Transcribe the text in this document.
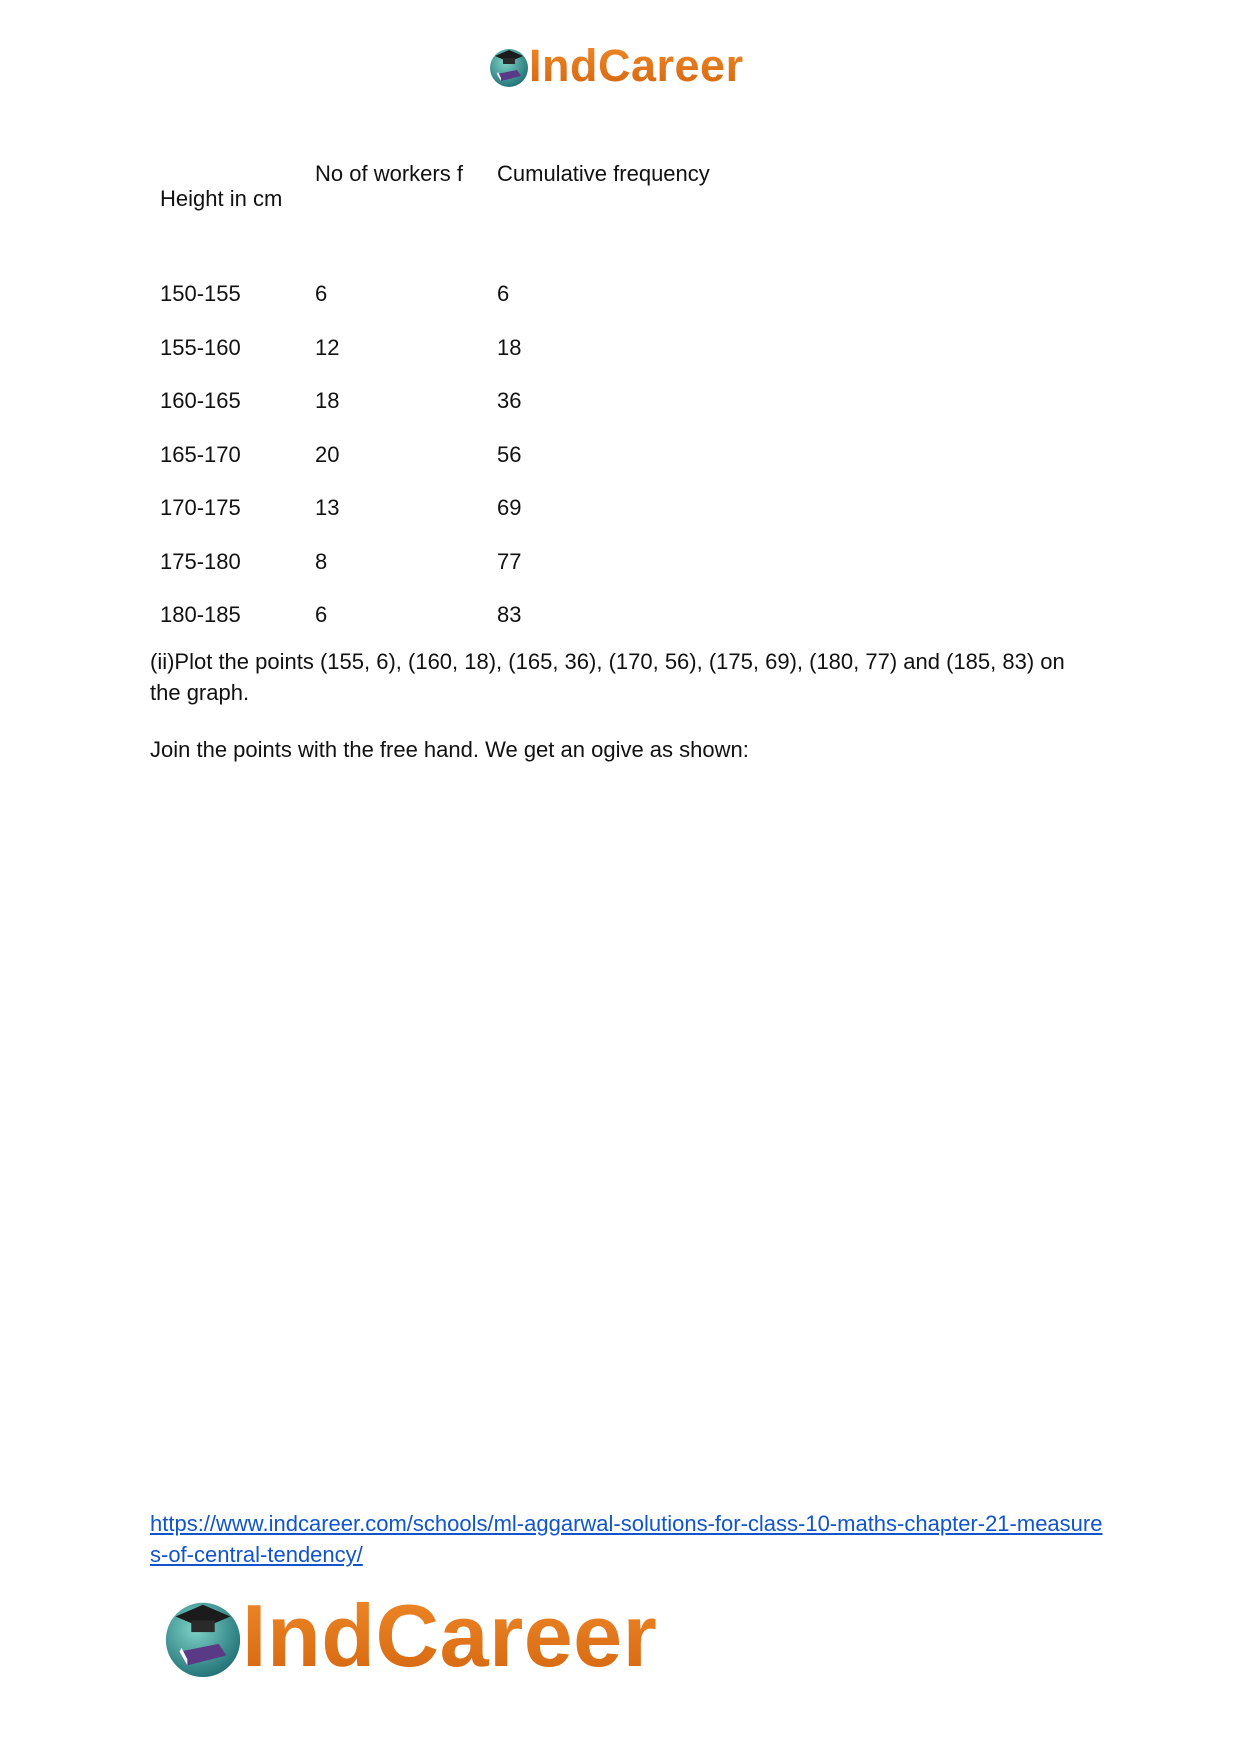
IndCareer
Height in cm	No of workers f	Cumulative frequency
150-155	6	6
155-160	12	18
160-165	18	36
165-170	20	56
170-175	13	69
175-180	8	77
180-185	6	83

(ii)Plot the points (155, 6), (160, 18), (165, 36), (170, 56), (175, 69), (180, 77) and (185, 83) on the graph.

Join the points with the free hand. We get an ogive as shown:

https://www.indcareer.com/schools/ml-aggarwal-solutions-for-class-10-maths-chapter-21-measures-of-central-tendency/
IndCareer
